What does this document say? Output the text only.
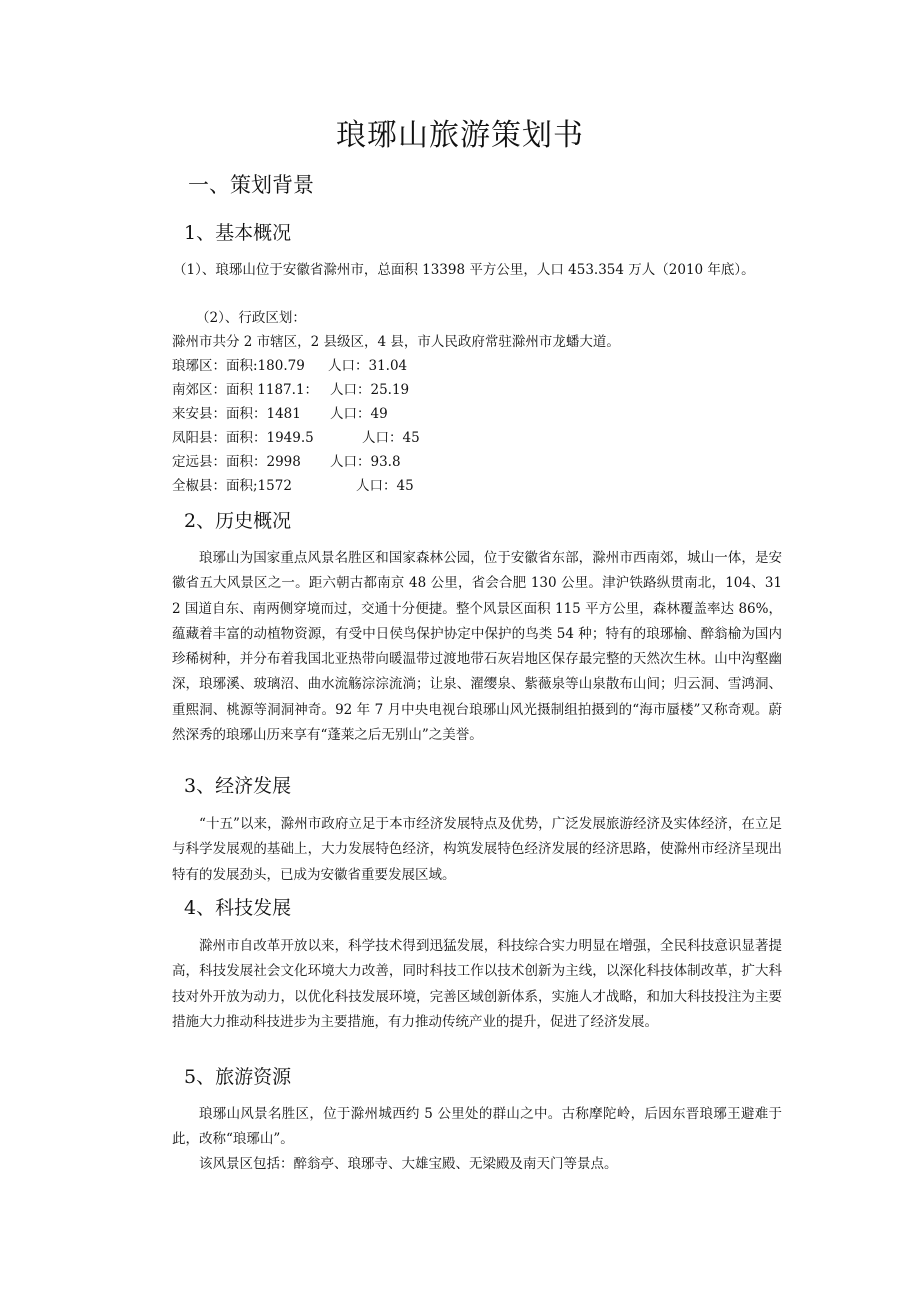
琅琊山旅游策划书
一、策划背景
1、基本概况

（1）、琅琊山位于安徽省滁州市，总面积 13398 平方公里，人口 453.354 万人（2010 年底）。

（2）、行政区划：

滁州市共分 2 市辖区，2 县级区，4 县，市人民政府常驻滁州市龙蟠大道。

琅琊区：面积:180.79 人口：31.04
南郊区：面积 1187.1： 人口：25.19
来安县：面积：1481 人口：49
凤阳县：面积：1949.5	人口：45
定远县：面积：2998 人口：93.8
全椒县：面积;1572	人口：45
2、历史概况

琅琊山为国家重点风景名胜区和国家森林公园，位于安徽省东部，滁州市西南郊，城山一体，是安徽省五大风景区之一。距六朝古都南京 48 公里，省会合肥 130 公里。津沪铁路纵贯南北，104、312 国道自东、南两侧穿境而过，交通十分便捷。整个风景区面积 115 平方公里，森林覆盖率达 86%，蕴藏着丰富的动植物资源，有受中日侯鸟保护协定中保护的鸟类 54 种；特有的琅琊榆、醉翁榆为国内珍稀树种，并分布着我国北亚热带向暖温带过渡地带石灰岩地区保存最完整的天然次生林。山中沟壑幽深，琅琊溪、玻璃沼、曲水流觞淙淙流淌；让泉、濯缨泉、紫薇泉等山泉散布山间；归云洞、雪鸿洞、重熙洞、桃源等洞洞神奇。92 年 7 月中央电视台琅琊山风光摄制组拍摄到的“海市蜃楼”又称奇观。蔚然深秀的琅琊山历来享有“蓬莱之后无别山”之美誉。

3、经济发展

“十五”以来，滁州市政府立足于本市经济发展特点及优势，广泛发展旅游经济及实体经济，在立足与科学发展观的基础上，大力发展特色经济，构筑发展特色经济发展的经济思路，使滁州市经济呈现出特有的发展劲头，已成为安徽省重要发展区域。

4、科技发展

滁州市自改革开放以来，科学技术得到迅猛发展，科技综合实力明显在增强，全民科技意识显著提高，科技发展社会文化环境大力改善，同时科技工作以技术创新为主线，以深化科技体制改革，扩大科技对外开放为动力，以优化科技发展环境，完善区域创新体系，实施人才战略，和加大科技投注为主要措施大力推动科技进步为主要措施，有力推动传统产业的提升，促进了经济发展。

5、旅游资源

琅琊山风景名胜区，位于滁州城西约 5 公里处的群山之中。古称摩陀岭，后因东晋琅琊王避难于此，改称“琅琊山”。

该风景区包括：醉翁亭、琅琊寺、大雄宝殿、无梁殿及南天门等景点。
